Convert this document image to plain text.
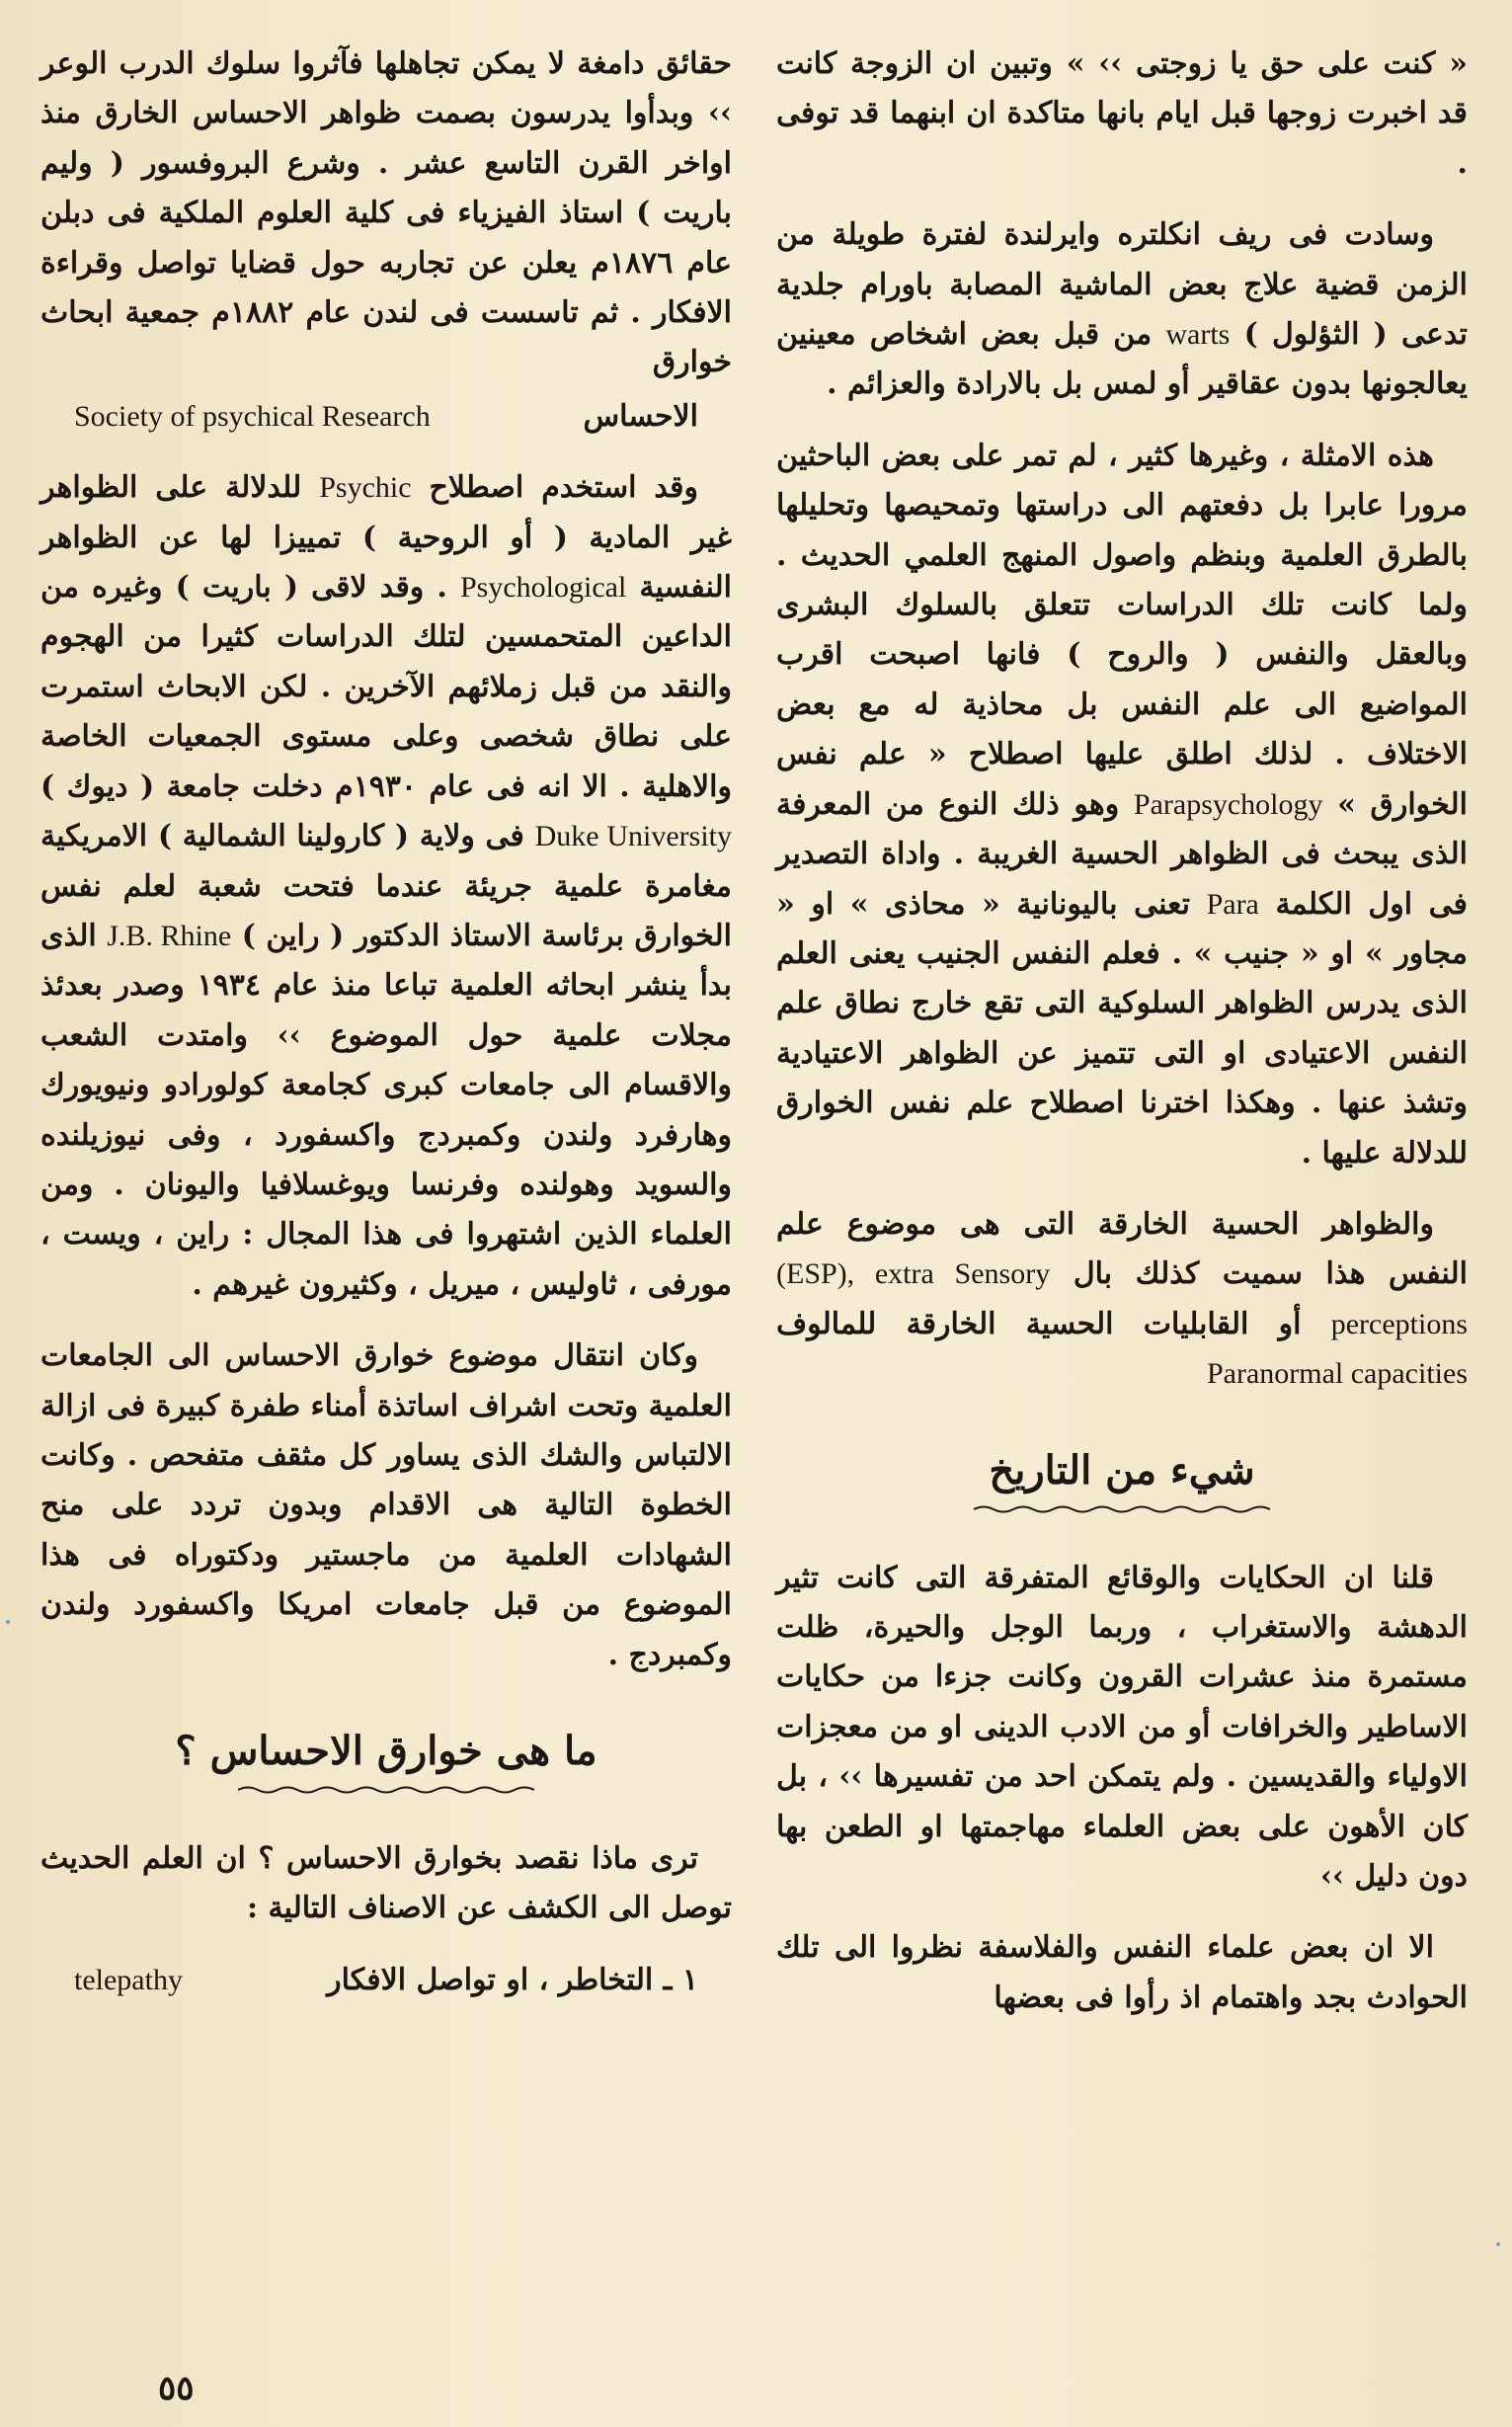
« كنت على حق يا زوجتى ›› » وتبين ان الزوجة كانت قد اخبرت زوجها قبل ايام بانها متاكدة ان ابنهما قد توفى .

وسادت فى ريف انكلتره وايرلندة لفترة طويلة من الزمن قضية علاج بعض الماشية المصابة باورام جلدية تدعى ( الثؤلول ) warts من قبل بعض اشخاص معينين يعالجونها بدون عقاقير أو لمس بل بالارادة والعزائم .

هذه الامثلة ، وغيرها كثير ، لم تمر على بعض الباحثين مرورا عابرا بل دفعتهم الى دراستها وتمحيصها وتحليلها بالطرق العلمية وبنظم واصول المنهج العلمي الحديث . ولما كانت تلك الدراسات تتعلق بالسلوك البشرى وبالعقل والنفس ( والروح ) فانها اصبحت اقرب المواضيع الى علم النفس بل محاذية له مع بعض الاختلاف . لذلك اطلق عليها اصطلاح « علم نفس الخوارق » Parapsychology وهو ذلك النوع من المعرفة الذى يبحث فى الظواهر الحسية الغريبة . واداة التصدير فى اول الكلمة Para تعنى باليونانية « محاذى » او « مجاور » او « جنيب » . فعلم النفس الجنيب يعنى العلم الذى يدرس الظواهر السلوكية التى تقع خارج نطاق علم النفس الاعتيادى او التى تتميز عن الظواهر الاعتيادية وتشذ عنها . وهكذا اخترنا اصطلاح علم نفس الخوارق للدلالة عليها .

والظواهر الحسية الخارقة التى هى موضوع علم النفس هذا سميت كذلك بال (ESP), extra Sensory perceptions أو القابليات الحسية الخارقة للمالوف Paranormal capacities

شيء من التاريخ

قلنا ان الحكايات والوقائع المتفرقة التى كانت تثير الدهشة والاستغراب ، وربما الوجل والحيرة، ظلت مستمرة منذ عشرات القرون وكانت جزءا من حكايات الاساطير والخرافات أو من الادب الدينى او من معجزات الاولياء والقديسين . ولم يتمكن احد من تفسيرها ›› ، بل كان الأهون على بعض العلماء مهاجمتها او الطعن بها دون دليل ››

الا ان بعض علماء النفس والفلاسفة نظروا الى تلك الحوادث بجد واهتمام اذ رأوا فى بعضها

حقائق دامغة لا يمكن تجاهلها فآثروا سلوك الدرب الوعر ›› وبدأوا يدرسون بصمت ظواهر الاحساس الخارق منذ اواخر القرن التاسع عشر . وشرع البروفسور ( وليم باريت ) استاذ الفيزياء فى كلية العلوم الملكية فى دبلن عام ١٨٧٦م يعلن عن تجاربه حول قضايا تواصل وقراءة الافكار . ثم تاسست فى لندن عام ١٨٨٢م جمعية ابحاث خوارق

الاحساس
Society of psychical Research

وقد استخدم اصطلاح Psychic للدلالة على الظواهر غير المادية ( أو الروحية ) تمييزا لها عن الظواهر النفسية Psychological . وقد لاقى ( باريت ) وغيره من الداعين المتحمسين لتلك الدراسات كثيرا من الهجوم والنقد من قبل زملائهم الآخرين . لكن الابحاث استمرت على نطاق شخصى وعلى مستوى الجمعيات الخاصة والاهلية . الا انه فى عام ١٩٣٠م دخلت جامعة ( ديوك ) Duke University فى ولاية ( كارولينا الشمالية ) الامريكية مغامرة علمية جريئة عندما فتحت شعبة لعلم نفس الخوارق برئاسة الاستاذ الدكتور ( راين ) J.B. Rhine الذى بدأ ينشر ابحاثه العلمية تباعا منذ عام ١٩٣٤ وصدر بعدئذ مجلات علمية حول الموضوع ›› وامتدت الشعب والاقسام الى جامعات كبرى كجامعة كولورادو ونيويورك وهارفرد ولندن وكمبردج واكسفورد ، وفى نيوزيلنده والسويد وهولنده وفرنسا ويوغسلافيا واليونان . ومن العلماء الذين اشتهروا فى هذا المجال : راين ، ويست ، مورفى ، ثاوليس ، ميريل ، وكثيرون غيرهم .

وكان انتقال موضوع خوارق الاحساس الى الجامعات العلمية وتحت اشراف اساتذة أمناء طفرة كبيرة فى ازالة الالتباس والشك الذى يساور كل مثقف متفحص . وكانت الخطوة التالية هى الاقدام وبدون تردد على منح الشهادات العلمية من ماجستير ودكتوراه فى هذا الموضوع من قبل جامعات امريكا واكسفورد ولندن وكمبردج .

ما هى خوارق الاحساس ؟

ترى ماذا نقصد بخوارق الاحساس ؟ ان العلم الحديث توصل الى الكشف عن الاصناف التالية :

١ ـ التخاطر ، او تواصل الافكار
telepathy

٥٥
